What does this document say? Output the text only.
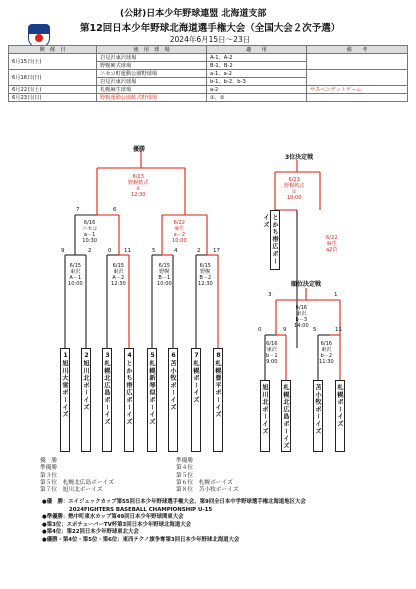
(公財)日本少年野球連盟 北海道支部
第12回日本少年野球北海道選手権大会（全国大会２次予選）
2024年6月15日～23日
開　催　日	使　用　球　場	適　　用	備　　考
6月15日(土)	岩見沢東沢球場	A-1、A-2	
	野幌硬式球場	B-1、B-2	
6月16日(日)	ニセコ町運動公園野球場	a-1、a-2	
	岩見沢東沢球場	b-1、b-2、b-3	
6月22日(土)	札幌麻生球場	a-2	サスペンデットゲーム
6月23日(日)	野幌運動公園軟式野球場	①、②	
優勝
3位決定戦
順位決定戦
6/23
野幌軟式
②
12:30
6/23
野幌軟式
①
10:00
6/22
麻生
a2負
6/16
ニセコ
a－1
10:30
6/22
麻生
a－2
10:00
6/15
東沢
A－1
10:00
6/15
東沢
A－2
12:30
6/15
野幌
B－1
10:00
6/15
野幌
B－2
12:30
6/16
東沢
b－3
14:00
6/16
東沢
b－1
9:00
6/16
東沢
b－2
11:30
7	6
9	2	0 11	5	4	2 17
3	1
0	9	5	11
1
旭川大雪ボーイズ
2
旭川北ボーイズ
3
札幌北広島ボーイズ
4
とかち帯広ボーイズ
5
札幌新琴似ボーイズ
6
苫小牧ボーイズ
7
札幌ボーイズ
8
札幌豊平ボーイズ
とかち帯広ボーイズ
旭川北ボーイズ	札幌北広島ボーイズ	苫小牧ボーイズ	札幌ボーイズ
優　勝
準優勝
第３位
第５位　札幌北広島ボーイズ
第７位　旭川北ボーイズ
準優勝
第４位
第５位
第６位　札幌ボーイズ
第８位　苫小牧ボーイズ
●優　勝：エイジェックカップ第55回日本少年野球選手権大会、第9回全日本中学野球選手権北海道地区大会
　　　　　2024FIGHTERS BASEBALL CHAMPIONSHIP U-15
●準優勝：熱中町東水カップ第49回日本少年野球関東大会
●第3位：スポチューバーTV杯第3回日本少年野球北海道大会
●第4位：第22回日本少年野球東北大会
●優勝・第4位・第5位・第6位：東西テクノ旗争奪第3回日本少年野球北海道大会
